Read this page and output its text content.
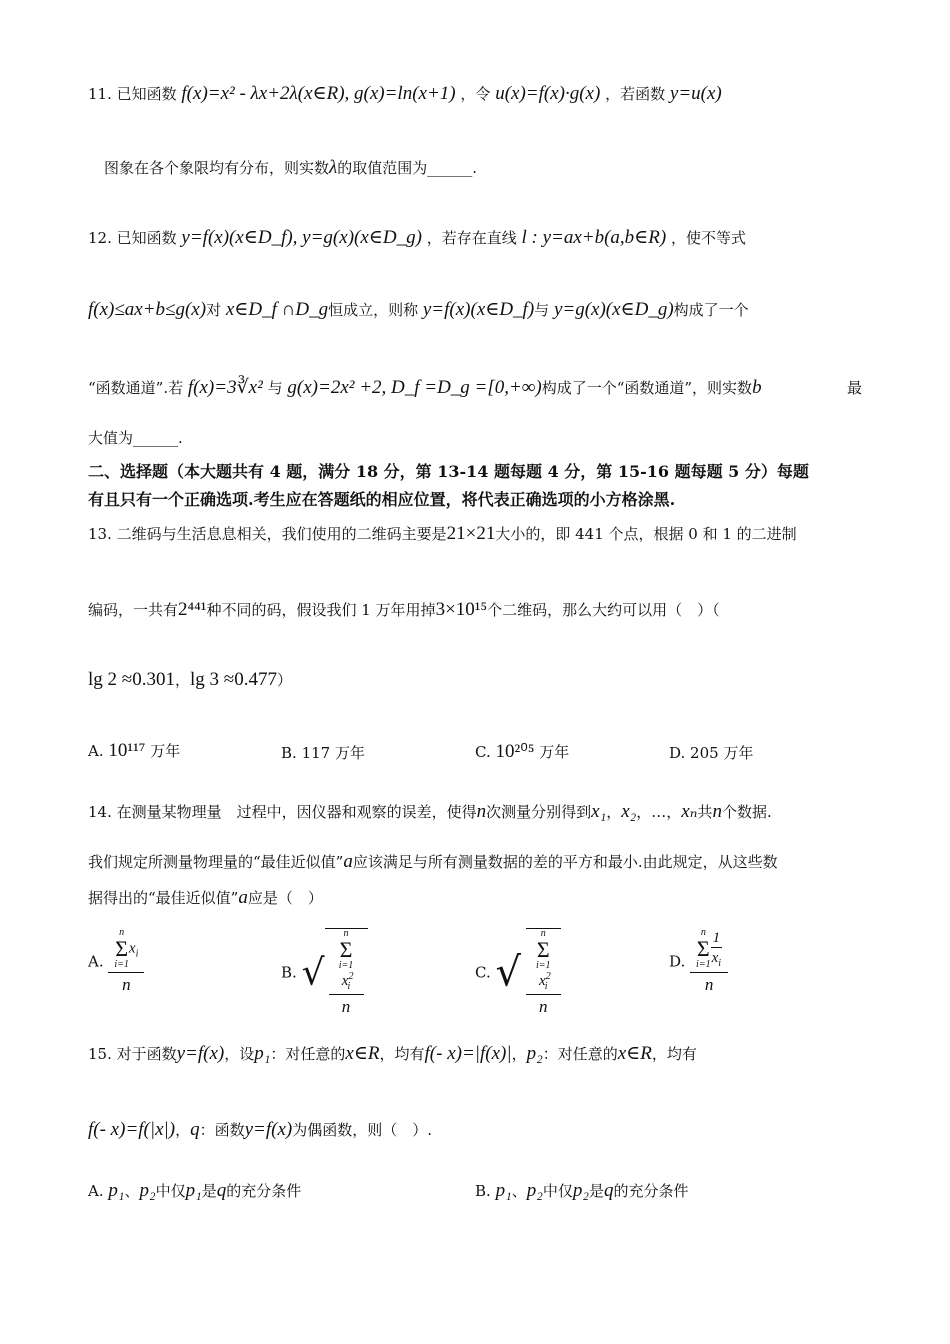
11. 已知函数 f(x)=x² - λx+2λ(x∈R), g(x)=ln(x+1) ，令 u(x)=f(x)·g(x) ，若函数 y=u(x)
图象在各个象限均有分布，则实数λ的取值范围为______.
12. 已知函数 y=f(x)(x∈D_f), y=g(x)(x∈D_g) ，若存在直线 l : y=ax+b(a,b∈R) ，使不等式
f(x)≤ax+b≤g(x)对 x∈D_f ∩D_g恒成立，则称 y=f(x)(x∈D_f)与 y=g(x)(x∈D_g)构成了一个
“函数通道”.若 f(x)=3∛x² 与 g(x)=2x² +2, D_f =D_g =[0,+∞)构成了一个“函数通道”，则实数b	最
大值为______.
二、选择题（本大题共有 4 题，满分 18 分，第 13-14 题每题 4 分，第 15-16 题每题 5 分）每题
有且只有一个正确选项.考生应在答题纸的相应位置，将代表正确选项的小方格涂黑.
13. 二维码与生活息息相关，我们使用的二维码主要是21×21大小的，即 441 个点，根据 0 和 1 的二进制
编码，一共有2⁴⁴¹种不同的码，假设我们 1 万年用掉3×10¹⁵个二维码，那么大约可以用（　）（
lg 2 ≈0.301，lg 3 ≈0.477）
A. 10¹¹⁷ 万年	B. 117 万年	C. 10²⁰⁵ 万年	D. 205 万年
14. 在测量某物理量　过程中，因仪器和观察的误差，使得n次测量分别得到x₁，x₂，…，xₙ共n个数据.
我们规定所测量物理量的“最佳近似值”a应该满足与所有测量数据的差的平方和最小.由此规定，从这些数
据得出的“最佳近似值”a应是（　）
A.
n
Σ
$i=1x_i$
n
B. √
n
Σ
$i=1x^2_i$
n
C. √
n
Σ
$i=1x^2_i$
n
D.
n
Σ
$i=1 \frac{1}{x_i}$
n
15. 对于函数y=f(x)，设p₁：对任意的x∈R，均有f(- x)=|f(x)|，p₂：对任意的x∈R，均有
f(- x)=f(|x|)，q：函数y=f(x)为偶函数，则（　）.
A. p₁、p₂中仅p₁是q的充分条件	B. p₁、p₂中仅p₂是q的充分条件
